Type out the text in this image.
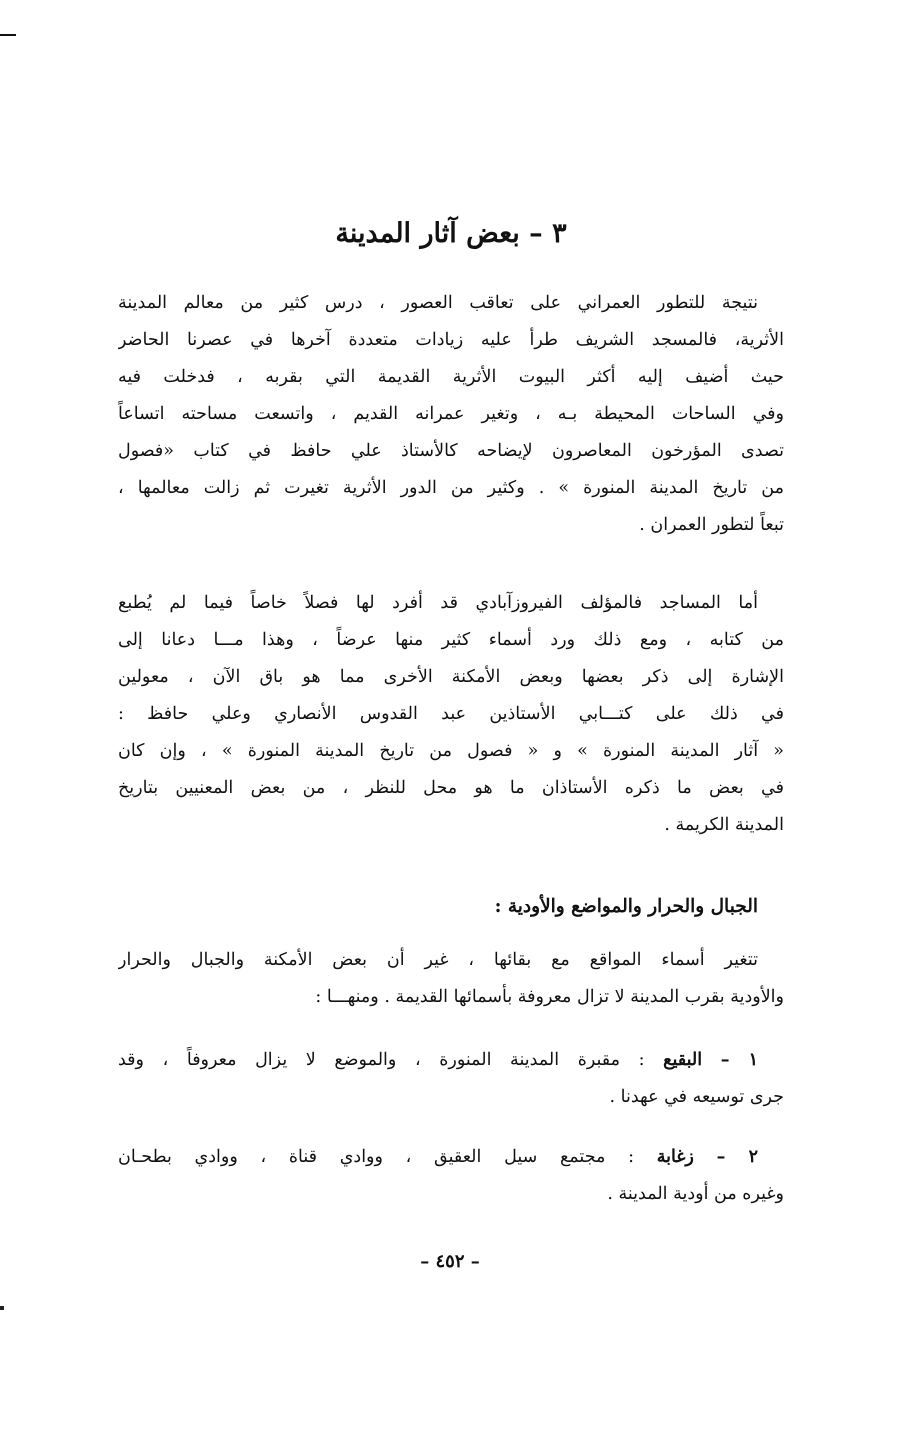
٣ – بعض آثار المدينة
نتيجة للتطور العمراني على تعاقب العصور ، درس كثير من معالم المدينة
الأثرية، فالمسجد الشريف طرأ عليه زيادات متعددة آخرها في عصرنا الحاضر
حيث أضيف إليه أكثر البيوت الأثرية القديمة التي بقربه ، فدخلت فيه
وفي الساحات المحيطة بـه ، وتغير عمرانه القديم ، واتسعت مساحته اتساعاً
تصدى المؤرخون المعاصرون لإيضاحه كالأستاذ علي حافظ في كتاب «فصول
من تاريخ المدينة المنورة » . وكثير من الدور الأثرية تغيرت ثم زالت معالمها ،
تبعاً لتطور العمران .
أما المساجد فالمؤلف الفيروزآبادي قد أفرد لها فصلاً خاصاً فيما لم يُطبع
من كتابه ، ومع ذلك ورد أسماء كثير منها عرضاً ، وهذا مـــا دعانا إلى
الإشارة إلى ذكر بعضها وبعض الأمكنة الأخرى مما هو باق الآن ، معولين
في ذلك على كتـــابي الأستاذين عبد القدوس الأنصاري وعلي حافظ :
« آثار المدينة المنورة » و « فصول من تاريخ المدينة المنورة » ، وإن كان
في بعض ما ذكره الأستاذان ما هو محل للنظر ، من بعض المعنيين بتاريخ
المدينة الكريمة .
الجبال والحرار والمواضع والأودية :
تتغير أسماء المواقع مع بقائها ، غير أن بعض الأمكنة والجبال والحرار
والأودية بقرب المدينة لا تزال معروفة بأسمائها القديمة . ومنهـــا :
١ – البقيع : مقبرة المدينة المنورة ، والموضع لا يزال معروفاً ، وقد
جرى توسيعه في عهدنا .
٢ – زغابة : مجتمع سيل العقيق ، ووادي قناة ، ووادي بطحـان
وغيره من أودية المدينة .
– ٤٥٢ –
